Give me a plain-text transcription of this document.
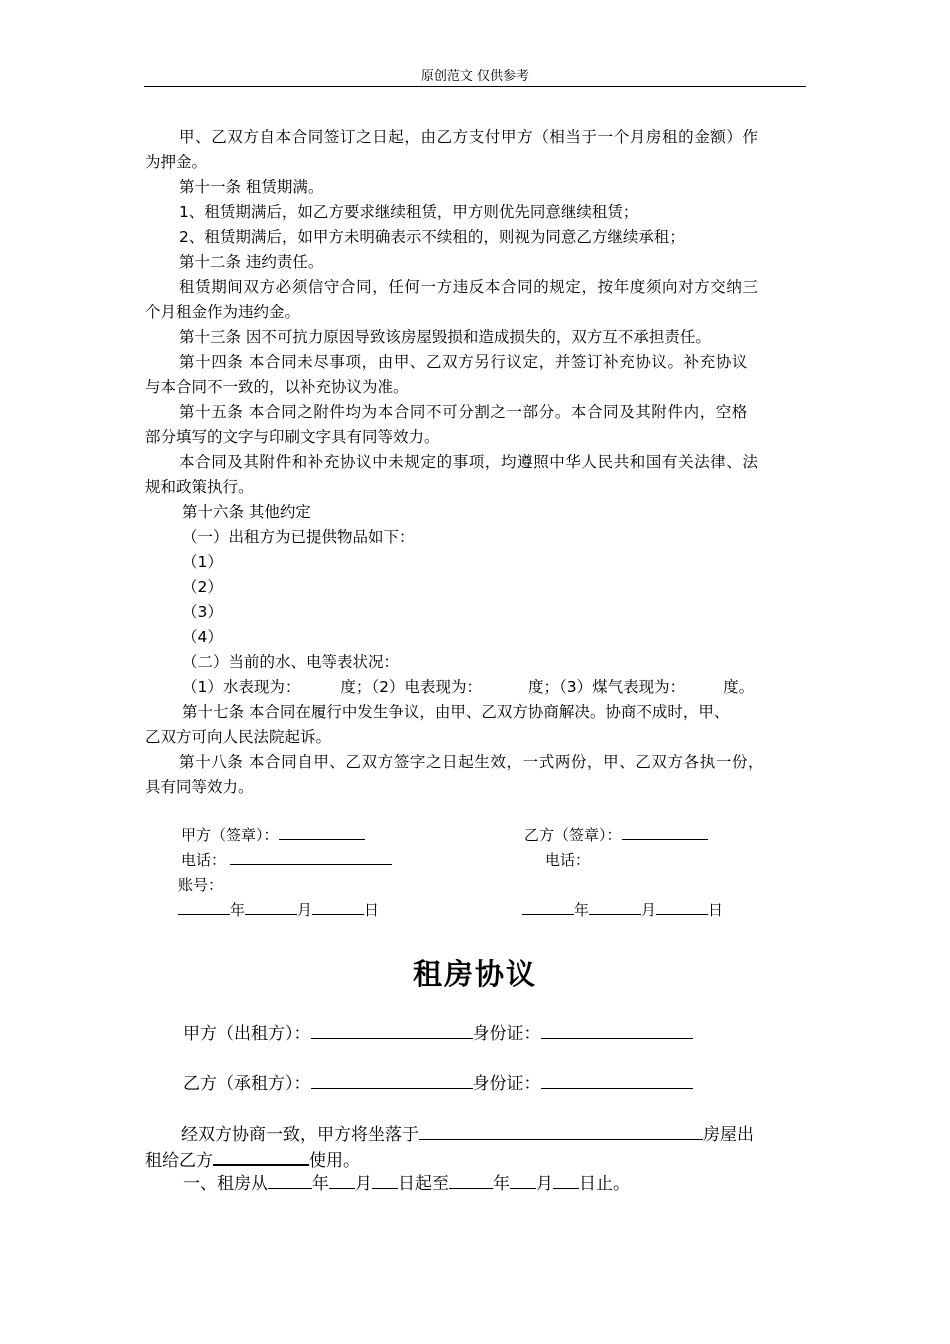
原创范文 仅供参考
甲、乙双方自本合同签订之日起，由乙方支付甲方（相当于一个月房租的金额）作
为押金。
第十一条 租赁期满。
1、租赁期满后，如乙方要求继续租赁，甲方则优先同意继续租赁；
2、租赁期满后，如甲方未明确表示不续租的，则视为同意乙方继续承租；
第十二条 违约责任。
租赁期间双方必须信守合同，任何一方违反本合同的规定，按年度须向对方交纳三
个月租金作为违约金。
第十三条 因不可抗力原因导致该房屋毁损和造成损失的，双方互不承担责任。
第十四条 本合同未尽事项，由甲、乙双方另行议定，并签订补充协议。补充协议
与本合同不一致的，以补充协议为准。
第十五条 本合同之附件均为本合同不可分割之一部分。本合同及其附件内，空格
部分填写的文字与印刷文字具有同等效力。
本合同及其附件和补充协议中未规定的事项，均遵照中华人民共和国有关法律、法
规和政策执行。
第十六条 其他约定
（一）出租方为已提供物品如下：
（1）
（2）
（3）
（4）
（二）当前的水、电等表状况：
（1）水表现为：	度；（2）电表现为：	度；（3）煤气表现为： 度。
第十七条 本合同在履行中发生争议，由甲、乙双方协商解决。协商不成时，甲、
乙双方可向人民法院起诉。
第十八条 本合同自甲、乙双方签字之日起生效，一式两份，甲、乙双方各执一份，
具有同等效力。
甲方（签章）：	乙方（签章）：
电话：	电话：
账号：
年	月	日	年	月	日
租房协议
甲方（出租方）：	身份证：
乙方（承租方）：	身份证：
经双方协商一致，甲方将坐落于	房屋出
租给乙方	使用。
一、租房从	年 月 日起至	年 月 日止。
